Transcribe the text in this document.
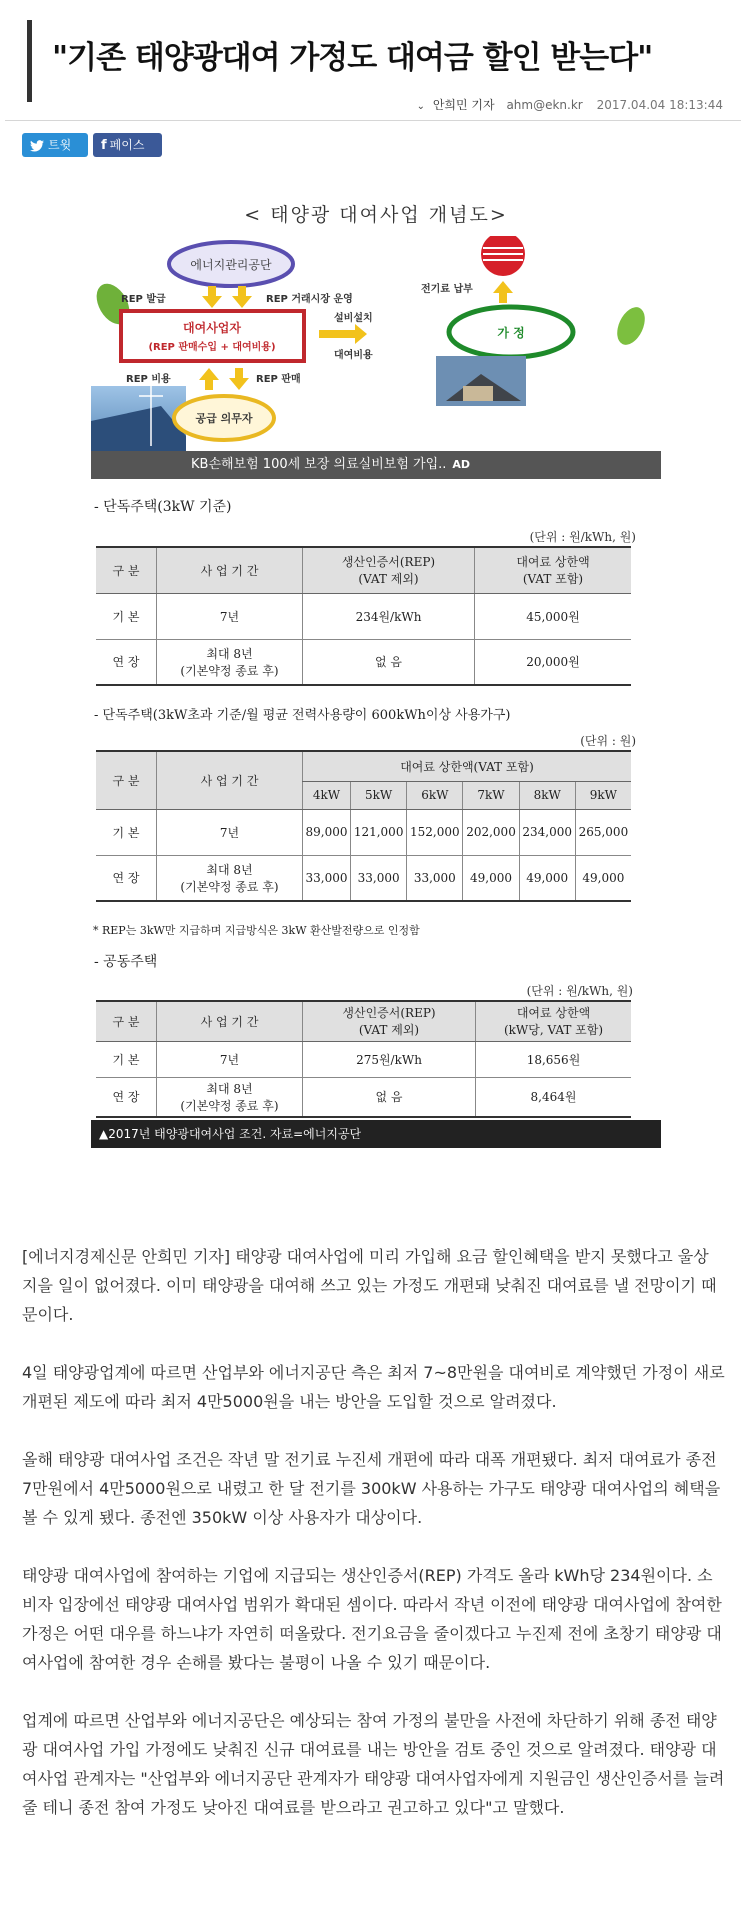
"기존 태양광대여 가정도 대여금 할인 받는다"
⌄ 안희민 기자 ahm@ekn.kr 2017.04.04 18:13:44
트윗	f 페이스북
< 태양광 대여사업 개념도>
에너지관리공단
REP 발급	REP 거래시장 운영
대여사업자
(REP 판매수입 + 대여비용)
설비설치
대여비용
전기료 납부
가 정
REP 비용	REP 판매
공급 의무자
KB손해보험 100세 보장 의료실비보험 가입.. AD
- 단독주택(3kW 기준)
(단위 : 원/kWh, 원)
구 분	사 업 기 간	생산인증서(REP)
(VAT 제외)	대여료 상한액
(VAT 포함)
기 본	7년	234원/kWh	45,000원
연 장	최대 8년
(기본약정 종료 후)	없 음	20,000원
- 단독주택(3kW초과 기준/월 평균 전력사용량이 600kWh이상 사용가구)
(단위 : 원)
구 분	사 업 기 간	대여료 상한액(VAT 포함)					
		4kW	5kW	6kW	7kW	8kW	9kW
기 본	7년	89,000	121,000	152,000	202,000	234,000	265,000
연 장	최대 8년
(기본약정 종료 후)	33,000	33,000	33,000	49,000	49,000	49,000
* REP는 3kW만 지급하며 지급방식은 3kW 환산발전량으로 인정함
- 공동주택
(단위 : 원/kWh, 원)
구 분	사 업 기 간	생산인증서(REP)
(VAT 제외)	대여료 상한액
(kW당, VAT 포함)
기 본	7년	275원/kWh	18,656원
연 장	최대 8년
(기본약정 종료 후)	없 음	8,464원
▲2017년 태양광대여사업 조건. 자료=에너지공단

[에너지경제신문 안희민 기자] 태양광 대여사업에 미리 가입해 요금 할인혜택을 받지 못했다고 울상 지을 일이 없어졌다. 이미 태양광을 대여해 쓰고 있는 가정도 개편돼 낮춰진 대여료를 낼 전망이기 때문이다.

4일 태양광업계에 따르면 산업부와 에너지공단 측은 최저 7~8만원을 대여비로 계약했던 가정이 새로 개편된 제도에 따라 최저 4만5000원을 내는 방안을 도입할 것으로 알려졌다.

올해 태양광 대여사업 조건은 작년 말 전기료 누진세 개편에 따라 대폭 개편됐다. 최저 대여료가 종전 7만원에서 4만5000원으로 내렸고 한 달 전기를 300kW 사용하는 가구도 태양광 대여사업의 혜택을 볼 수 있게 됐다. 종전엔 350kW 이상 사용자가 대상이다.

태양광 대여사업에 참여하는 기업에 지급되는 생산인증서(REP) 가격도 올라 kWh당 234원이다. 소비자 입장에선 태양광 대여사업 범위가 확대된 셈이다. 따라서 작년 이전에 태양광 대여사업에 참여한 가정은 어떤 대우를 하느냐가 자연히 떠올랐다. 전기요금을 줄이겠다고 누진제 전에 초창기 태양광 대여사업에 참여한 경우 손해를 봤다는 불평이 나올 수 있기 때문이다.

업계에 따르면 산업부와 에너지공단은 예상되는 참여 가정의 불만을 사전에 차단하기 위해 종전 태양광 대여사업 가입 가정에도 낮춰진 신규 대여료를 내는 방안을 검토 중인 것으로 알려졌다. 태양광 대여사업 관계자는 "산업부와 에너지공단 관계자가 태양광 대여사업자에게 지원금인 생산인증서를 늘려줄 테니 종전 참여 가정도 낮아진 대여료를 받으라고 권고하고 있다"고 말했다.
